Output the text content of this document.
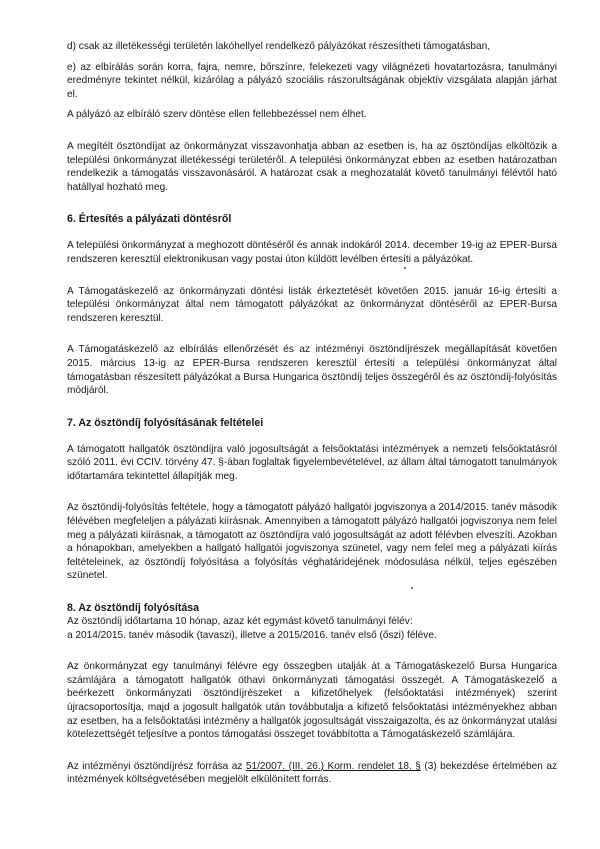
d) csak az illetékességi területén lakóhellyel rendelkező pályázókat részesítheti támogatásban,

e) az elbírálás során korra, fajra, nemre, bőrszínre, felekezeti vagy világnézeti hovatartozásra, tanulmányi eredményre tekintet nélkül, kizárólag a pályázó szociális rászorultságának objektív vizsgálata alapján járhat el.

A pályázó az elbíráló szerv döntése ellen fellebbezéssel nem élhet.

A megítélt ösztöndíjat az önkormányzat visszavonhatja abban az esetben is, ha az ösztöndíjas elköltözik a települési önkormányzat illetékességi területéről. A települési önkormányzat ebben az esetben határozatban rendelkezik a támogatás visszavonásáról. A határozat csak a meghozatalát követő tanulmányi félévtől ható hatállyal hozható meg.

6. Értesítés a pályázati döntésről

A települési önkormányzat a meghozott döntéséről és annak indokáról 2014. december 19-ig az EPER-Bursa rendszeren keresztül elektronikusan vagy postai úton küldött levélben értesíti a pályázókat.

A Támogatáskezelő az önkormányzati döntési listák érkeztetését követően 2015. január 16-ig értesíti a települési önkormányzat által nem támogatott pályázókat az önkormányzat döntéséről az EPER-Bursa rendszeren keresztül.

A Támogatáskezelő az elbírálás ellenőrzését és az intézményi ösztöndíjrészek megállapítását követően 2015. március 13-ig az EPER-Bursa rendszeren keresztül értesíti a települési önkormányzat által támogatásban részesített pályázókat a Bursa Hungarica ösztöndíj teljes összegéről és az ösztöndíj-folyósítás módjáról.

7. Az ösztöndíj folyósításának feltételei

A támogatott hallgatók ösztöndíjra való jogosultságát a felsőoktatási intézmények a nemzeti felsőoktatásról szóló 2011. évi CCIV. törvény 47. §-ában foglaltak figyelembevételével, az állam által támogatott tanulmányok időtartamára tekintettel állapítják meg.

Az ösztöndíj-folyósítás feltétele, hogy a támogatott pályázó hallgatói jogviszonya a 2014/2015. tanév második félévében megfeleljen a pályázati kiírásnak. Amennyiben a támogatott pályázó hallgatói jogviszonya nem felel meg a pályázati kiírásnak, a támogatott az ösztöndíjra való jogosultságát az adott félévben elveszíti. Azokban a hónapokban, amelyekben a hallgató hallgatói jogviszonya szünetel, vagy nem felel meg a pályázati kiírás feltételeinek, az ösztöndíj folyósítása a folyósítás véghatáridejének módosulása nélkül, teljes egészében szünetel.

8. Az ösztöndíj folyósítása

Az ösztöndíj időtartama 10 hónap, azaz két egymást követő tanulmányi félév:

a 2014/2015. tanév második (tavaszi), illetve a 2015/2016. tanév első (őszi) féléve.

Az önkormányzat egy tanulmányi félévre egy összegben utalják át a Támogatáskezelő Bursa Hungarica számlájára a támogatott hallgatók öthavi önkormányzati támogatási összegét. A Támogatáskezelő a beérkezett önkormányzati ösztöndíjrészeket a kifizetőhelyek (felsőoktatási intézmények) szerint újracsoportosítja, majd a jogosult hallgatók után továbbutalja a kifizető felsőoktatási intézményekhez abban az esetben, ha a felsőoktatási intézmény a hallgatók jogosultságát visszaigazolta, és az önkormányzat utalási kötelezettségét teljesítve a pontos támogatási összeget továbbította a Támogatáskezelő számlájára.

Az intézményi ösztöndíjrész forrása az 51/2007. (III. 26.) Korm. rendelet 18. § (3) bekezdése értelmében az intézmények költségvetésében megjelölt elkülönített forrás.
